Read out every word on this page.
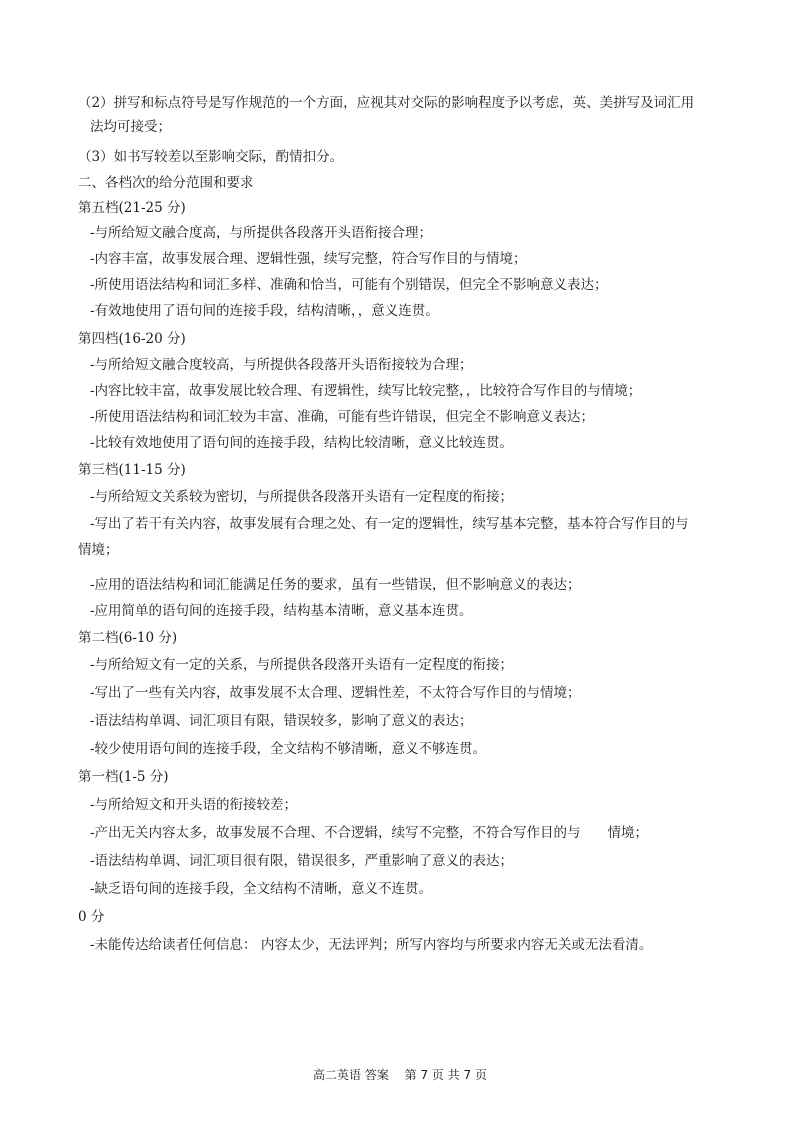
（2）拼写和标点符号是写作规范的一个方面，应视其对交际的影响程度予以考虑，英、美拼写及词汇用
法均可接受；
（3）如书写较差以至影响交际，酌情扣分。
二、各档次的给分范围和要求
第五档(21-25 分)
-与所给短文融合度高，与所提供各段落开头语衔接合理；
-内容丰富，故事发展合理、逻辑性强，续写完整，符合写作目的与情境；
-所使用语法结构和词汇多样、准确和恰当，可能有个别错误，但完全不影响意义表达；
-有效地使用了语句间的连接手段，结构清晰，，意义连贯。
第四档(16-20 分)
-与所给短文融合度较高，与所提供各段落开头语衔接较为合理；
-内容比较丰富，故事发展比较合理、有逻辑性，续写比较完整，，比较符合写作目的与情境；
-所使用语法结构和词汇较为丰富、准确，可能有些许错误，但完全不影响意义表达；
-比较有效地使用了语句间的连接手段，结构比较清晰，意义比较连贯。
第三档(11-15 分)
-与所给短文关系较为密切，与所提供各段落开头语有一定程度的衔接；
-写出了若干有关内容，故事发展有合理之处、有一定的逻辑性，续写基本完整，基本符合写作目的与
情境；
-应用的语法结构和词汇能满足任务的要求，虽有一些错误，但不影响意义的表达；
-应用简单的语句间的连接手段，结构基本清晰，意义基本连贯。
第二档(6-10 分)
-与所给短文有一定的关系，与所提供各段落开头语有一定程度的衔接；
-写出了一些有关内容，故事发展不太合理、逻辑性差，不太符合写作目的与情境；
-语法结构单调、词汇项目有限，错误较多，影响了意义的表达；
-较少使用语句间的连接手段，全文结构不够清晰，意义不够连贯。
第一档(1-5 分)
-与所给短文和开头语的衔接较差；
-产出无关内容太多，故事发展不合理、不合逻辑，续写不完整，不符合写作目的与　　情境；
-语法结构单调、词汇项目很有限，错误很多，严重影响了意义的表达；
-缺乏语句间的连接手段，全文结构不清晰，意义不连贯。
0 分
-未能传达给读者任何信息： 内容太少，无法评判；所写内容均与所要求内容无关或无法看清。
高二英语 答案　 第 7 页 共 7 页
